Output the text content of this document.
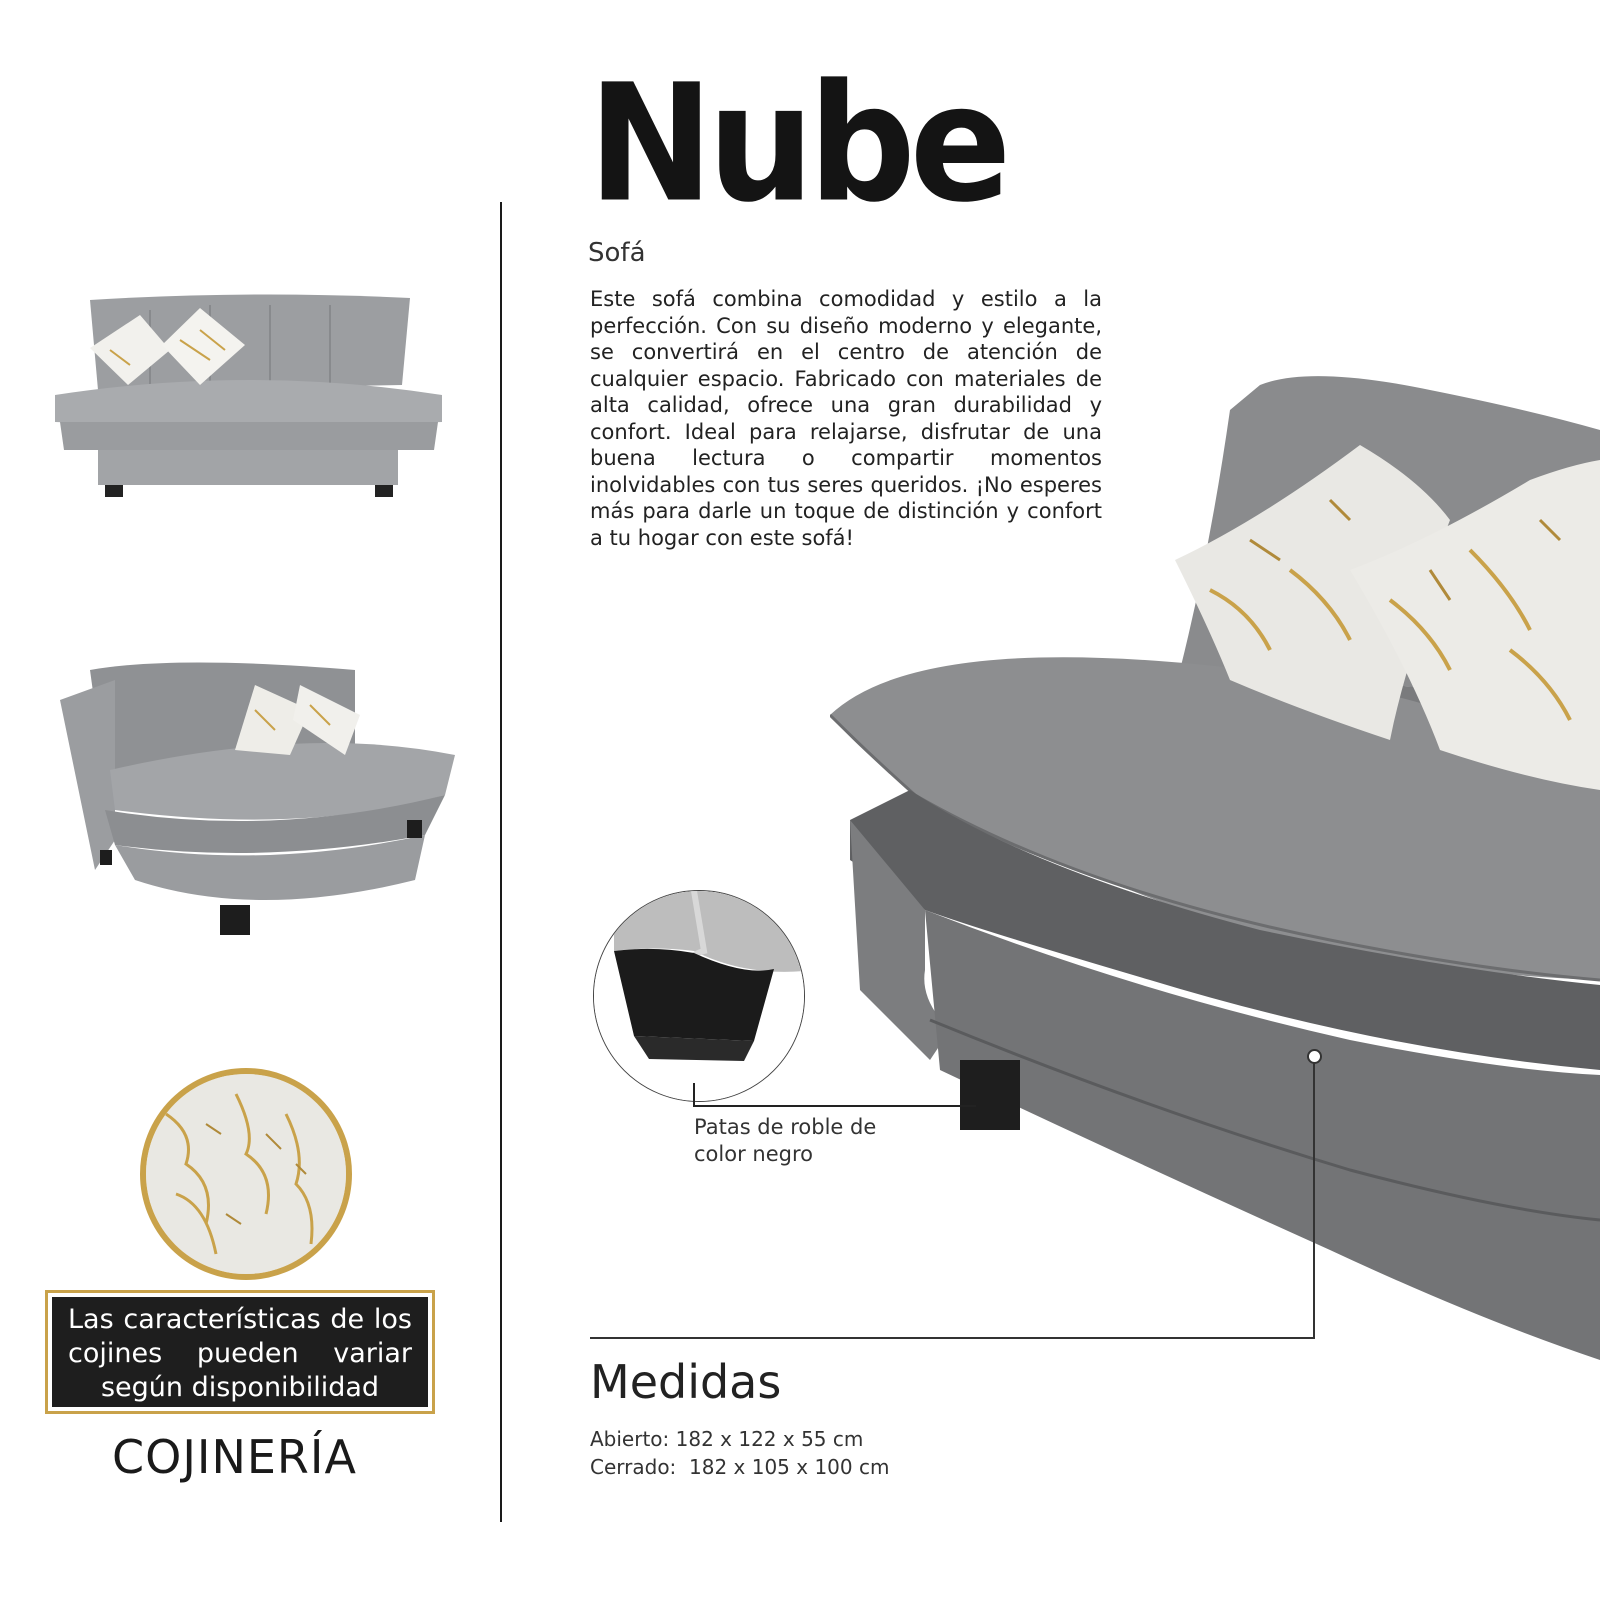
Las características de los cojines pueden variar según disponibilidad
COJINERÍA
Nube
Sofá
Este sofá combina comodidad y estilo a la perfección. Con su diseño moderno y elegante, se convertirá en el centro de atención de cualquier espacio. Fabricado con materiales de alta calidad, ofrece una gran durabilidad y confort. Ideal para relajarse, disfrutar de una buena lectura o compartir momentos inolvidables con tus seres queridos. ¡No esperes más para darle un toque de distinción y confort a tu hogar con este sofá!
Patas de roble de color negro
Medidas
Abierto: 182 x 122 x 55 cm
Cerrado:  182 x 105 x 100 cm
